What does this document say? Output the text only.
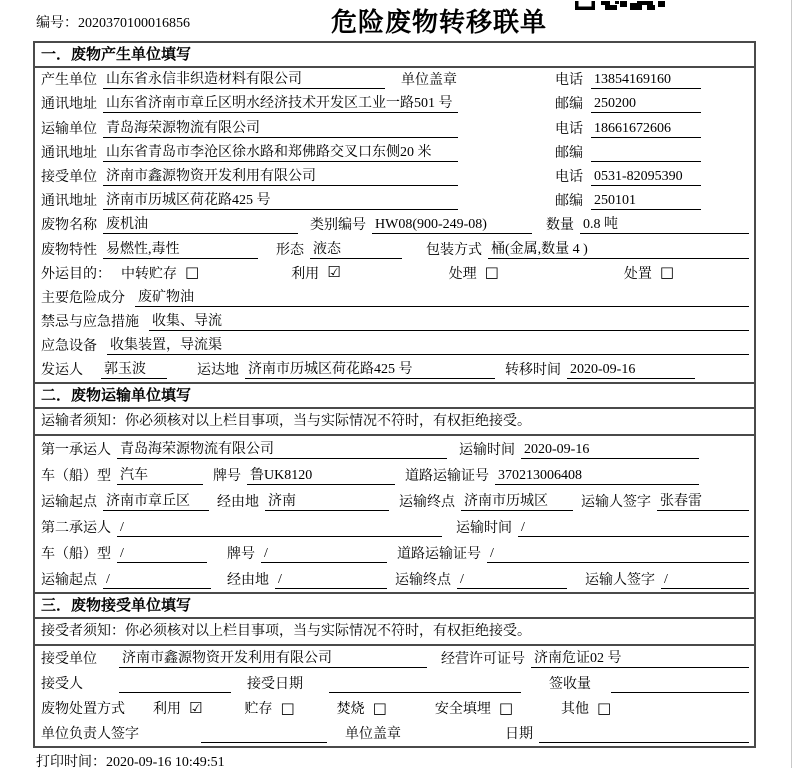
编号：2020370100016856	危险废物转移联单
一．废物产生单位填写
产生单位 山东省永信非织造材料有限公司	单位盖章	电话 13854169160
通讯地址 山东省济南市章丘区明水经济技术开发区工业一路501 号	邮编 250200
运输单位 青岛海荣源物流有限公司	电话 18661672606
通讯地址 山东省青岛市李沧区徐水路和郑佛路交叉口东侧20 米	邮编
接受单位 济南市鑫源物资开发利用有限公司	电话 0531-82095390
通讯地址 济南市历城区荷花路425 号	邮编 250101
废物名称 废机油	类别编号 HW08(900-249-08)	数量 0.8 吨
废物特性 易燃性,毒性	形态 液态	包装方式 桶(金属,数量 4 )
外运目的： 中转贮存 □	利用 ☑	处理 □	处置 □
主要危险成分 废矿物油
禁忌与应急措施 收集、导流
应急设备 收集装置，导流渠
发运人 郭玉波	运达地 济南市历城区荷花路425 号	转移时间 2020-09-16
二．废物运输单位填写
运输者须知：你必须核对以上栏目事项，当与实际情况不符时，有权拒绝接受。
第一承运人 青岛海荣源物流有限公司	运输时间 2020-09-16
车（船）型 汽车	牌号 鲁UK8120	道路运输证号 370213006408
运输起点 济南市章丘区	经由地 济南	运输终点 济南市历城区	运输人签字 张春雷
第二承运人 /	运输时间 /
车（船）型 /	牌号 /	道路运输证号 /
运输起点 /	经由地 /	运输终点 /	运输人签字 /
三．废物接受单位填写
接受者须知：你必须核对以上栏目事项，当与实际情况不符时，有权拒绝接受。
接受单位 济南市鑫源物资开发利用有限公司	经营许可证号 济南危证02 号
接受人	接受日期	签收量
废物处置方式 利用 ☑	贮存 □	焚烧 □	安全填埋 □	其他 □
单位负责人签字	单位盖章	日期
打印时间：2020-09-16 10:49:51
